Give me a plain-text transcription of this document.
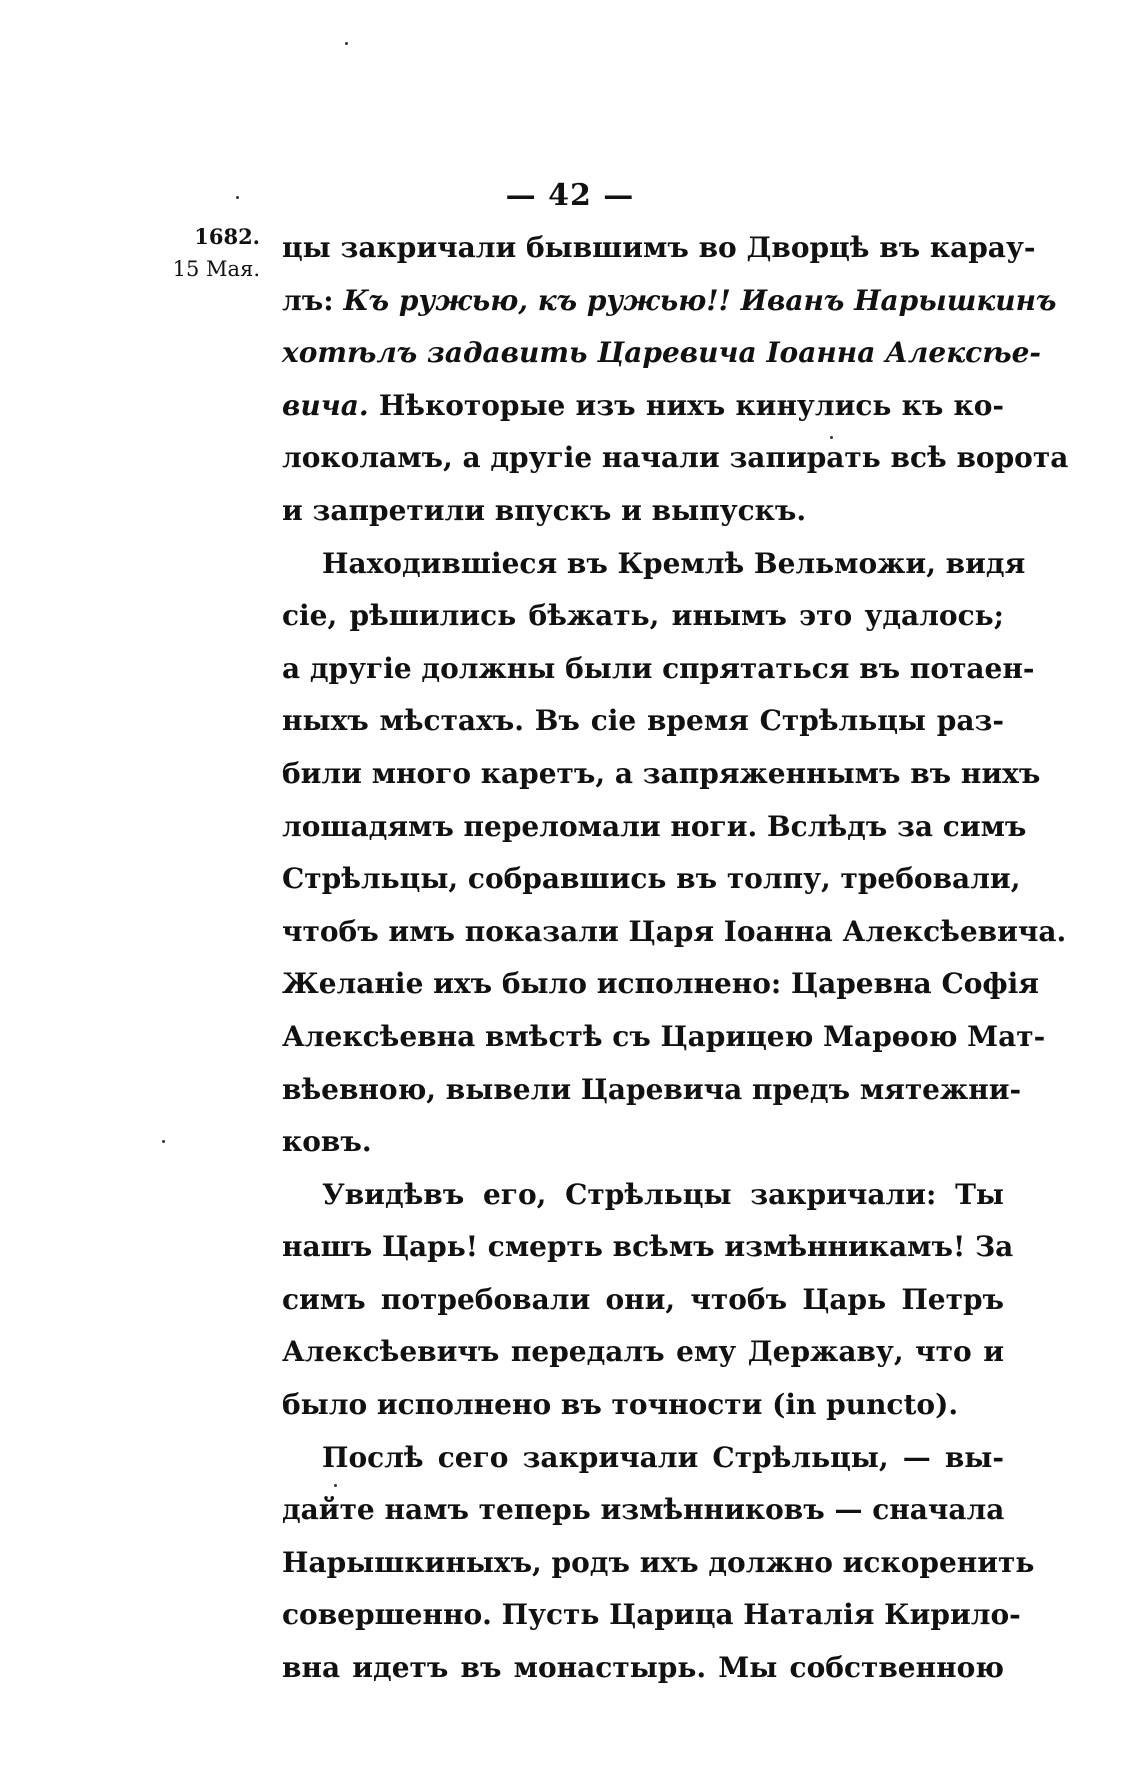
— 42 —
1682.
15 Мая.
цы закричали бывшимъ во Дворцѣ въ карау-
лъ: Къ ружью, къ ружью!! Иванъ Нарышкинъ
хотѣлъ задавить Царевича Іоанна Алексѣе-
вича. Нѣкоторые изъ нихъ кинулись къ ко-
локоламъ, а другіе начали запирать всѣ ворота
и запретили впускъ и выпускъ.
Находившіеся въ Кремлѣ Вельможи, видя
сіе, рѣшились бѣжать, инымъ это удалось;
а другіе должны были спрятаться въ потаен-
ныхъ мѣстахъ. Въ сіе время Стрѣльцы раз-
били много каретъ, а запряженнымъ въ нихъ
лошадямъ переломали ноги. Вслѣдъ за симъ
Стрѣльцы, собравшись въ толпу, требовали,
чтобъ имъ показали Царя Іоанна Алексѣевича.
Желаніе ихъ было исполнено: Царевна Софія
Алексѣевна вмѣстѣ съ Царицею Марѳою Мат-
вѣевною, вывели Царевича предъ мятежни-
ковъ.
Увидѣвъ его, Стрѣльцы закричали: Ты
нашъ Царь! смерть всѣмъ измѣнникамъ! За
симъ потребовали они, чтобъ Царь Петръ
Алексѣевичъ передалъ ему Державу, что и
было исполнено въ точности (in puncto).
Послѣ сего закричали Стрѣльцы, — вы-
дайте намъ теперь измѣнниковъ — сначала
Нарышкиныхъ, родъ ихъ должно искоренить
совершенно. Пусть Царица Наталія Кирило-
вна идетъ въ монастырь. Мы собственною
